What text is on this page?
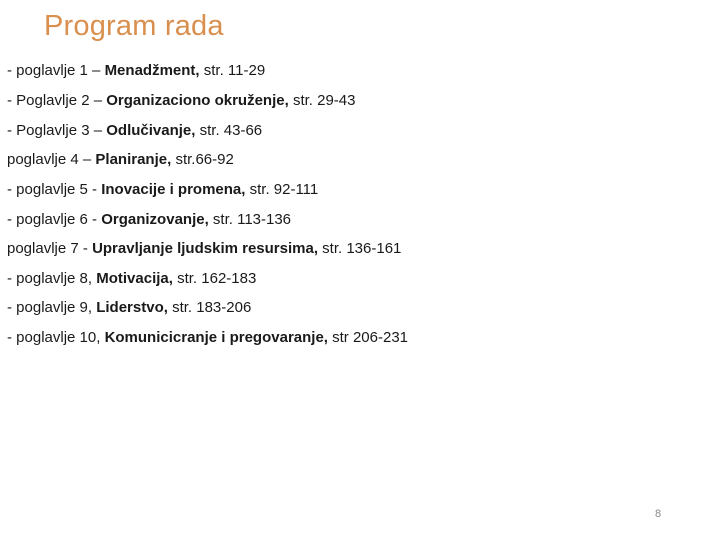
Program rada
- poglavlje 1 – Menadžment, str. 11-29
- Poglavlje 2 – Organizaciono okruženje, str. 29-43
- Poglavlje 3 – Odlučivanje, str. 43-66
poglavlje 4 – Planiranje, str.66-92
- poglavlje 5 - Inovacije i promena, str. 92-111
- poglavlje 6 - Organizovanje, str. 113-136
poglavlje 7 - Upravljanje ljudskim resursima, str. 136-161
- poglavlje 8, Motivacija, str. 162-183
- poglavlje 9, Liderstvo, str. 183-206
- poglavlje 10, Komunicicranje i pregovaranje, str 206-231
8
